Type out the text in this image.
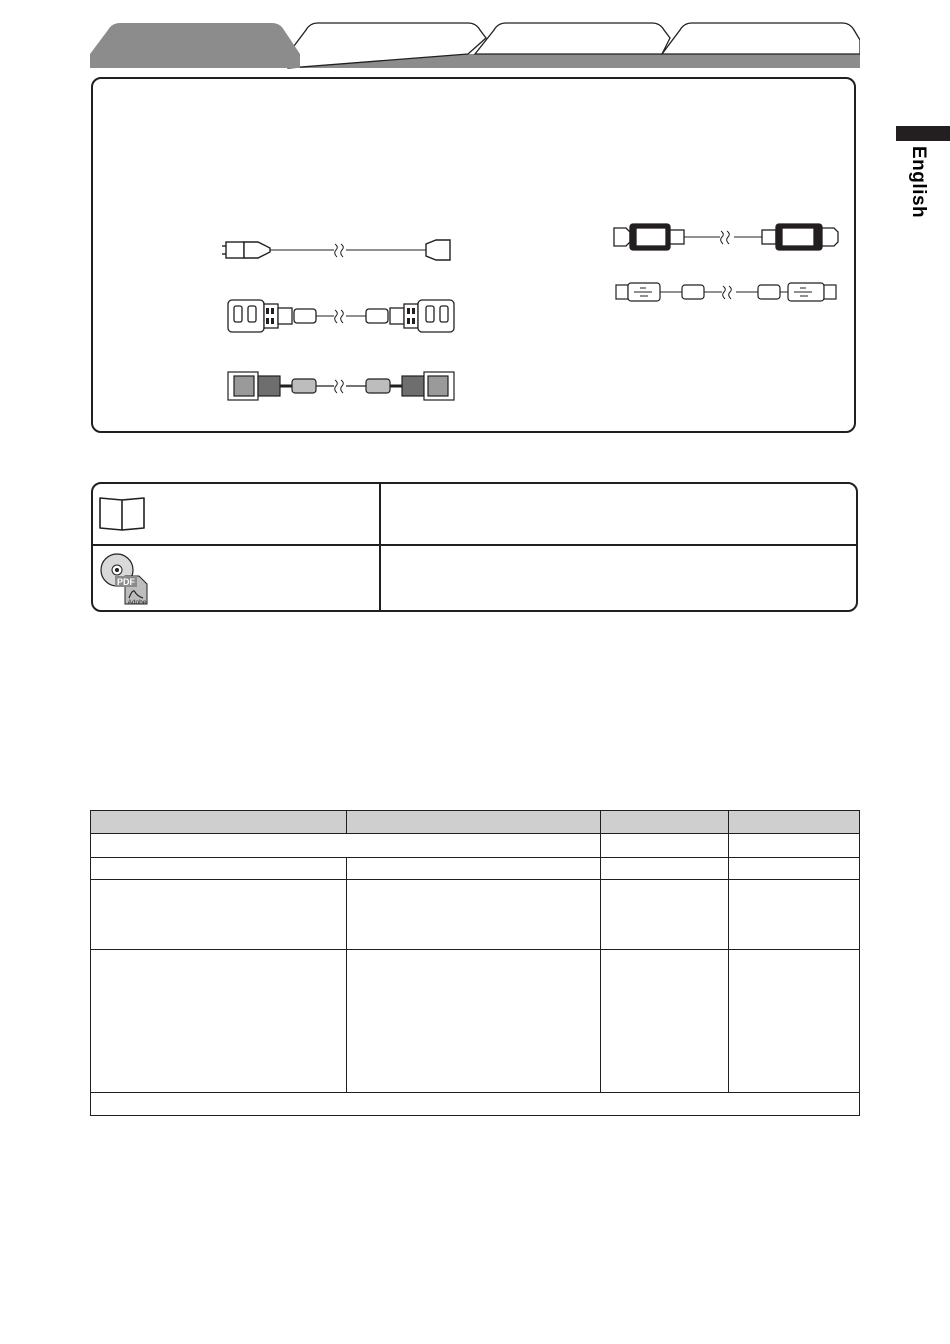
English
PDF
Adobe
